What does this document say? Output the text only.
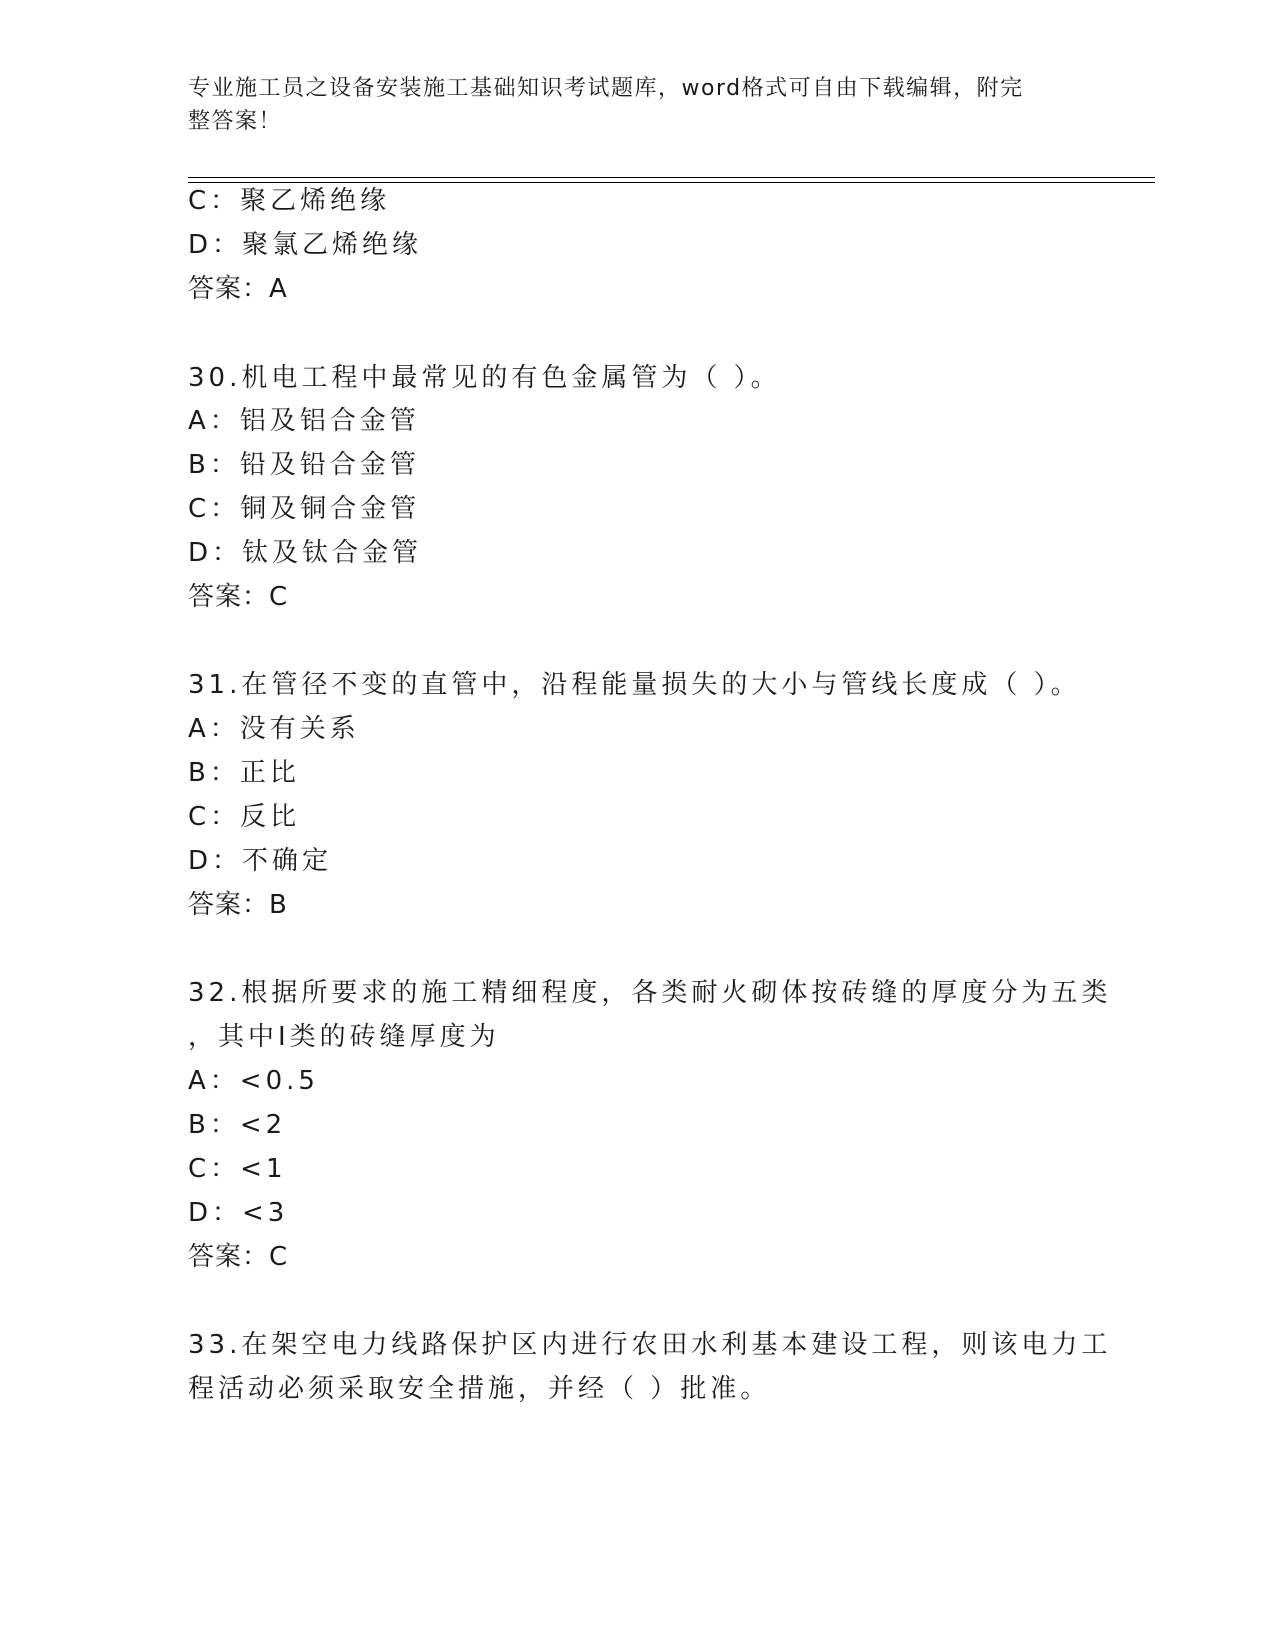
专业施工员之设备安装施工基础知识考试题库，word格式可自由下载编辑，附完
整答案！
C：聚乙烯绝缘
D：聚氯乙烯绝缘
答案：A
30.机电工程中最常见的有色金属管为（ ）。
A：铝及铝合金管
B：铅及铅合金管
C：铜及铜合金管
D：钛及钛合金管
答案：C
31.在管径不变的直管中，沿程能量损失的大小与管线长度成（ ）。
A：没有关系
B：正比
C：反比
D：不确定
答案：B
32.根据所要求的施工精细程度，各类耐火砌体按砖缝的厚度分为五类
，其中Ⅰ类的砖缝厚度为
A：<0.5
B：<2
C：<1
D：<3
答案：C
33.在架空电力线路保护区内进行农田水利基本建设工程，则该电力工
程活动必须采取安全措施，并经（ ）批准。
